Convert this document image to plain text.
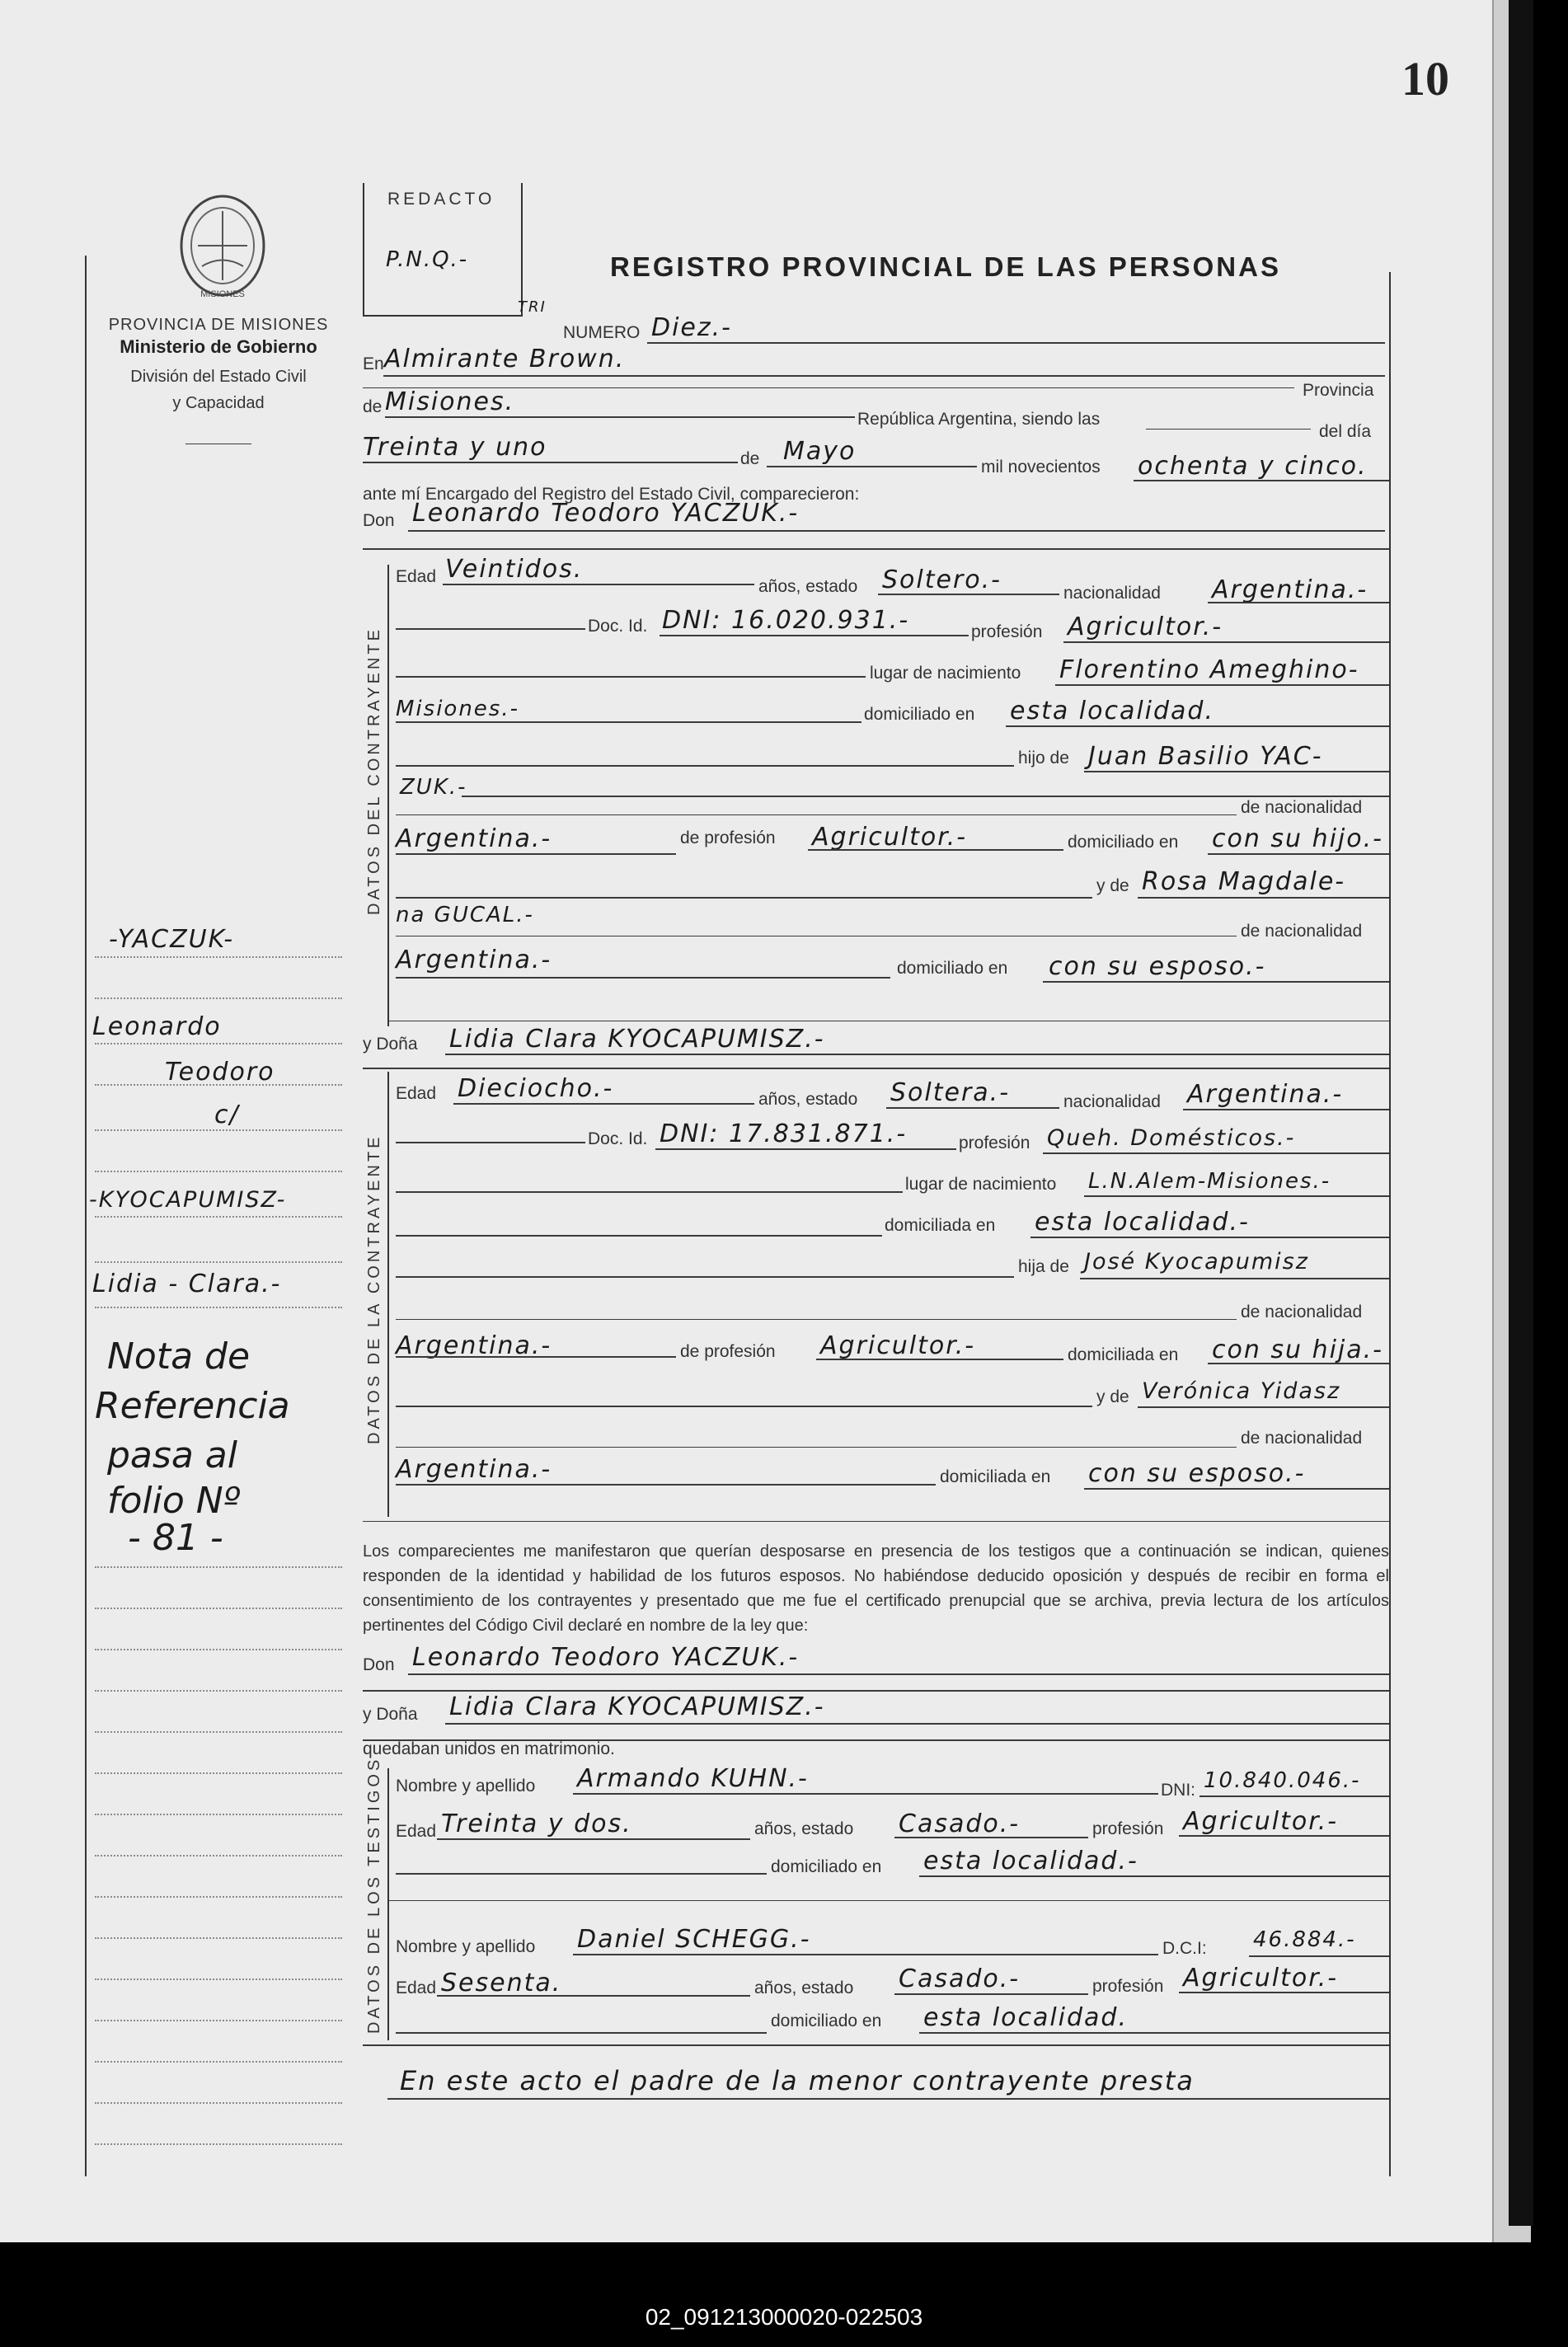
10
MISIONES
PROVINCIA DE MISIONES
Ministerio de Gobierno
División del Estado Civil
y Capacidad
-YACZUK-
Leonardo
Teodoro
c/
-KYOCAPUMISZ-
Lidia - Clara.-
Nota de
Referencia
pasa al
folio Nº
- 81 -
REDACTO
P.N.Q.-	REGISTRO PROVINCIAL DE LAS PERSONAS
TRI
NUMERO Diez.-
En Almirante Brown.
Provincia
de Misiones.
República Argentina, siendo las
del día
Treinta y uno	de Mayo
mil novecientos ochenta y cinco.
ante mí Encargado del Registro del Estado Civil, comparecieron:
Don Leonardo Teodoro YACZUK.-
DATOS DEL CONTRAYENTE
Edad Veintidos.
años, estado Soltero.-	nacionalidad Argentina.-
Doc. Id. DNI: 16.020.931.-	profesión Agricultor.-
lugar de nacimiento Florentino Ameghino-
Misiones.-	domiciliado en esta localidad.
hijo de Juan Basilio YAC-
ZUK.-
de nacionalidad
Argentina.-	de profesión Agricultor.-	domiciliado en con su hijo.-
y de Rosa Magdale-
na GUCAL.-
de nacionalidad
Argentina.-	domiciliado en con su esposo.-
y Doña Lidia Clara KYOCAPUMISZ.-
DATOS DE LA CONTRAYENTE
Edad Dieciocho.-	años, estado Soltera.-	nacionalidad Argentina.-
Doc. Id. DNI: 17.831.871.-	profesión Queh. Domésticos.-
lugar de nacimiento L.N.Alem-Misiones.-
domiciliada en esta localidad.-
hija de José Kyocapumisz
de nacionalidad
Argentina.-	de profesión Agricultor.-	domiciliada en con su hija.-
y de Verónica Yidasz
de nacionalidad
Argentina.-	domiciliada en con su esposo.-
Los comparecientes me manifestaron que querían desposarse en presencia de los testigos que a continuación se indican, quienes responden de la identidad y habilidad de los futuros esposos. No habiéndose deducido oposición y después de recibir en forma el consentimiento de los contrayentes y presentado que me fue el certificado prenupcial que se archiva, previa lectura de los artículos pertinentes del Código Civil declaré en nombre de la ley que:
Don Leonardo Teodoro YACZUK.-
y Doña Lidia Clara KYOCAPUMISZ.-
quedaban unidos en matrimonio.
DATOS DE LOS TESTIGOS Nombre y apellido Armando KUHN.-	DNI: 10.840.046.-
Edad Treinta y dos.	años, estado Casado.-	profesión Agricultor.-
domiciliado en esta localidad.-
Nombre y apellido Daniel SCHEGG.-	D.C.I: 46.884.-
Edad Sesenta.	años, estado Casado.-	profesión Agricultor.-
domiciliado en esta localidad.
En este acto el padre de la menor contrayente presta
02_091213000020-022503
